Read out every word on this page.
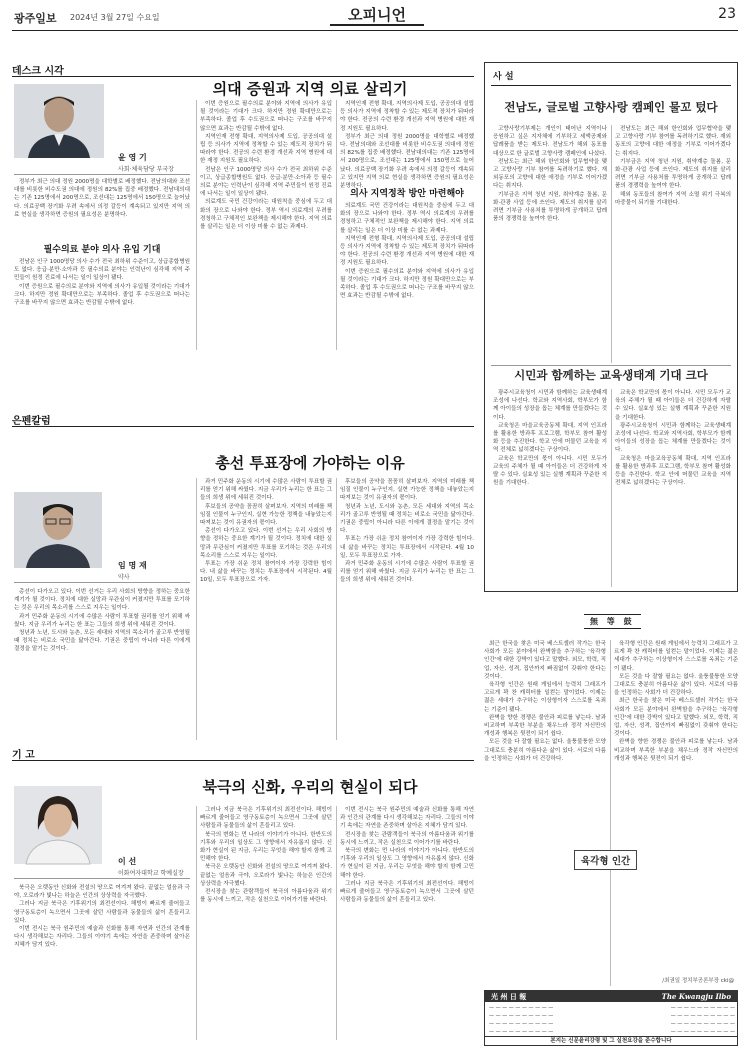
광주일보 2024년 3월 27일 수요일	오피니언	23
데스크 시각
의대 증원과 지역 의료 살리기
윤 영 기
사회·체육담당 부국장

정부가 최근 의대 정원 2000명을 대학별로 배정했다. 전남의대와 조선대를 비롯한 비수도권 의대에 정원의 82%를 집중 배정했다. 전남대의대는 기존 125명에서 200명으로, 조선대는 125명에서 150명으로 늘어났다. 의료공백 장기화 우려 속에서 의정 갈등이 계속되고 있지만 지역 의료 현실을 생각하면 증원의 필요성은 분명하다.

필수의료 분야 의사 유입 기대

전남은 인구 1000명당 의사 수가 전국 최하위 수준이고, 상급종합병원도 없다. 응급·분만·소아과 등 필수의료 분야는 인력난이 심각해 지역 주민들이 원정 진료에 나서는 일이 일상이 됐다.

이번 증원으로 필수의료 분야와 지역에 의사가 유입될 것이라는 기대가 크다. 하지만 정원 확대만으로는 부족하다. 졸업 후 수도권으로 떠나는 구조를 바꾸지 않으면 효과는 반감될 수밖에 없다.

이번 증원으로 필수의료 분야와 지역에 의사가 유입될 것이라는 기대가 크다. 하지만 정원 확대만으로는 부족하다. 졸업 후 수도권으로 떠나는 구조를 바꾸지 않으면 효과는 반감될 수밖에 없다.

지역인재 전형 확대, 지역의사제 도입, 공공의대 설립 등 의사가 지역에 정착할 수 있는 제도적 장치가 뒤따라야 한다. 전공의 수련 환경 개선과 지역 병원에 대한 재정 지원도 필요하다.

전남은 인구 1000명당 의사 수가 전국 최하위 수준이고, 상급종합병원도 없다. 응급·분만·소아과 등 필수의료 분야는 인력난이 심각해 지역 주민들이 원정 진료에 나서는 일이 일상이 됐다.

의료계도 국민 건강이라는 대원칙을 중심에 두고 대화의 장으로 나와야 한다. 정부 역시 의료계의 우려를 경청하고 구체적인 보완책을 제시해야 한다. 지역 의료를 살리는 일은 더 이상 미룰 수 없는 과제다.

지역인재 전형 확대, 지역의사제 도입, 공공의대 설립 등 의사가 지역에 정착할 수 있는 제도적 장치가 뒤따라야 한다. 전공의 수련 환경 개선과 지역 병원에 대한 재정 지원도 필요하다.

정부가 최근 의대 정원 2000명을 대학별로 배정했다. 전남의대와 조선대를 비롯한 비수도권 의대에 정원의 82%를 집중 배정했다. 전남대의대는 기존 125명에서 200명으로, 조선대는 125명에서 150명으로 늘어났다. 의료공백 장기화 우려 속에서 의정 갈등이 계속되고 있지만 지역 의료 현실을 생각하면 증원의 필요성은 분명하다.

의사 지역정착 방안 마련해야

의료계도 국민 건강이라는 대원칙을 중심에 두고 대화의 장으로 나와야 한다. 정부 역시 의료계의 우려를 경청하고 구체적인 보완책을 제시해야 한다. 지역 의료를 살리는 일은 더 이상 미룰 수 없는 과제다.

지역인재 전형 확대, 지역의사제 도입, 공공의대 설립 등 의사가 지역에 정착할 수 있는 제도적 장치가 뒤따라야 한다. 전공의 수련 환경 개선과 지역 병원에 대한 재정 지원도 필요하다.

이번 증원으로 필수의료 분야와 지역에 의사가 유입될 것이라는 기대가 크다. 하지만 정원 확대만으로는 부족하다. 졸업 후 수도권으로 떠나는 구조를 바꾸지 않으면 효과는 반감될 수밖에 없다.

사 설
전남도, 글로벌 고향사랑 캠페인 물꼬 텄다

고향사랑기부제는 개인이 태어난 지역이나 응원하고 싶은 지자체에 기부하고 세액공제와 답례품을 받는 제도다. 전남도가 해외 동포를 대상으로 한 글로벌 고향사랑 캠페인에 나섰다.

전남도는 최근 해외 한인회와 업무협약을 맺고 고향사랑 기부 참여를 독려하기로 했다. 재외동포의 고향에 대한 애정을 기부로 이어가겠다는 취지다.

기부금은 지역 청년 지원, 취약계층 돌봄, 문화·관광 사업 등에 쓰인다. 제도의 취지를 살리려면 기부금 사용처를 투명하게 공개하고 답례품의 경쟁력을 높여야 한다.

전남도는 최근 해외 한인회와 업무협약을 맺고 고향사랑 기부 참여를 독려하기로 했다. 재외동포의 고향에 대한 애정을 기부로 이어가겠다는 취지다.

기부금은 지역 청년 지원, 취약계층 돌봄, 문화·관광 사업 등에 쓰인다. 제도의 취지를 살리려면 기부금 사용처를 투명하게 공개하고 답례품의 경쟁력을 높여야 한다.

해외 동포들의 참여가 지역 소멸 위기 극복의 마중물이 되기를 기대한다.

시민과 함께하는 교육생태계 기대 크다

광주시교육청이 시민과 함께하는 교육생태계 조성에 나선다. 학교와 지역사회, 학부모가 함께 아이들의 성장을 돕는 체계를 만들겠다는 것이다.

교육청은 마을교육공동체 확대, 지역 인프라를 활용한 방과후 프로그램, 학부모 참여 활성화 등을 추진한다. 학교 안에 머물던 교육을 지역 전체로 넓히겠다는 구상이다.

교육은 학교만의 몫이 아니다. 시민 모두가 교육의 주체가 될 때 아이들은 더 건강하게 자랄 수 있다. 실효성 있는 실행 계획과 꾸준한 지원을 기대한다.

교육은 학교만의 몫이 아니다. 시민 모두가 교육의 주체가 될 때 아이들은 더 건강하게 자랄 수 있다. 실효성 있는 실행 계획과 꾸준한 지원을 기대한다.

광주시교육청이 시민과 함께하는 교육생태계 조성에 나선다. 학교와 지역사회, 학부모가 함께 아이들의 성장을 돕는 체계를 만들겠다는 것이다.

교육청은 마을교육공동체 확대, 지역 인프라를 활용한 방과후 프로그램, 학부모 참여 활성화 등을 추진한다. 학교 안에 머물던 교육을 지역 전체로 넓히겠다는 구상이다.

은펜칼럼
총선 투표장에 가야하는 이유
임 명 재
약사

총선이 다가오고 있다. 이번 선거는 우리 사회의 방향을 정하는 중요한 계기가 될 것이다. 정치에 대한 실망과 무관심이 커졌지만 투표를 포기하는 것은 우리의 목소리를 스스로 지우는 일이다.

과거 민주화 운동의 시기에 수많은 사람이 투표할 권리를 얻기 위해 싸웠다. 지금 우리가 누리는 한 표는 그들의 희생 위에 세워진 것이다.

청년과 노년, 도시와 농촌, 모든 세대와 지역의 목소리가 골고루 반영될 때 정치는 비로소 국민을 닮아간다. 기권은 중립이 아니라 다른 이에게 결정을 맡기는 것이다.

과거 민주화 운동의 시기에 수많은 사람이 투표할 권리를 얻기 위해 싸웠다. 지금 우리가 누리는 한 표는 그들의 희생 위에 세워진 것이다.

후보들의 공약을 꼼꼼히 살펴보자. 지역의 미래를 책임질 인물이 누구인지, 실현 가능한 정책을 내놓았는지 따져보는 것이 유권자의 몫이다.

총선이 다가오고 있다. 이번 선거는 우리 사회의 방향을 정하는 중요한 계기가 될 것이다. 정치에 대한 실망과 무관심이 커졌지만 투표를 포기하는 것은 우리의 목소리를 스스로 지우는 일이다.

투표는 가장 쉬운 정치 참여이자 가장 강력한 힘이다. 내 삶을 바꾸는 정치는 투표장에서 시작된다. 4월 10일, 모두 투표장으로 가자.

후보들의 공약을 꼼꼼히 살펴보자. 지역의 미래를 책임질 인물이 누구인지, 실현 가능한 정책을 내놓았는지 따져보는 것이 유권자의 몫이다.

청년과 노년, 도시와 농촌, 모든 세대와 지역의 목소리가 골고루 반영될 때 정치는 비로소 국민을 닮아간다. 기권은 중립이 아니라 다른 이에게 결정을 맡기는 것이다.

투표는 가장 쉬운 정치 참여이자 가장 강력한 힘이다. 내 삶을 바꾸는 정치는 투표장에서 시작된다. 4월 10일, 모두 투표장으로 가자.

과거 민주화 운동의 시기에 수많은 사람이 투표할 권리를 얻기 위해 싸웠다. 지금 우리가 누리는 한 표는 그들의 희생 위에 세워진 것이다.

기 고
북극의 신화, 우리의 현실이 되다
이 선
이화여자대학교 학예실장

북극은 오랫동안 신화와 전설의 땅으로 여겨져 왔다. 끝없는 얼음과 극야, 오로라가 빛나는 하늘은 인간의 상상력을 자극했다.

그러나 지금 북극은 기후위기의 최전선이다. 해빙이 빠르게 줄어들고 영구동토층이 녹으면서 그곳에 살던 사람들과 동물들의 삶이 흔들리고 있다.

이번 전시는 북극 원주민의 예술과 신화를 통해 자연과 인간의 관계를 다시 생각해보는 자리다. 그들의 이야기 속에는 자연을 존중하며 살아온 지혜가 담겨 있다.

그러나 지금 북극은 기후위기의 최전선이다. 해빙이 빠르게 줄어들고 영구동토층이 녹으면서 그곳에 살던 사람들과 동물들의 삶이 흔들리고 있다.

북극의 변화는 먼 나라의 이야기가 아니다. 한반도의 기후와 우리의 일상도 그 영향에서 자유롭지 않다. 신화가 현실이 된 지금, 우리는 무엇을 해야 할지 함께 고민해야 한다.

북극은 오랫동안 신화와 전설의 땅으로 여겨져 왔다. 끝없는 얼음과 극야, 오로라가 빛나는 하늘은 인간의 상상력을 자극했다.

전시장을 찾는 관람객들이 북극의 아름다움과 위기를 동시에 느끼고, 작은 실천으로 이어가기를 바란다.

이번 전시는 북극 원주민의 예술과 신화를 통해 자연과 인간의 관계를 다시 생각해보는 자리다. 그들의 이야기 속에는 자연을 존중하며 살아온 지혜가 담겨 있다.

전시장을 찾는 관람객들이 북극의 아름다움과 위기를 동시에 느끼고, 작은 실천으로 이어가기를 바란다.

북극의 변화는 먼 나라의 이야기가 아니다. 한반도의 기후와 우리의 일상도 그 영향에서 자유롭지 않다. 신화가 현실이 된 지금, 우리는 무엇을 해야 할지 함께 고민해야 한다.

그러나 지금 북극은 기후위기의 최전선이다. 해빙이 빠르게 줄어들고 영구동토층이 녹으면서 그곳에 살던 사람들과 동물들의 삶이 흔들리고 있다.

無 等 鼓

최근 한국을 찾은 미국 베스트셀러 작가는 한국 사회가 모든 분야에서 완벽함을 추구하는 '육각형 인간'에 대한 강박이 있다고 말했다. 외모, 학력, 직업, 자산, 성격, 집안까지 빠짐없이 갖춰야 한다는 것이다.

육각형 인간은 원래 게임에서 능력치 그래프가 고르게 꽉 찬 캐릭터를 일컫는 말이었다. 이제는 젊은 세대가 추구하는 이상형이자 스스로를 옥죄는 기준이 됐다.

완벽을 향한 경쟁은 불안과 피로를 낳는다. 남과 비교하며 부족한 부분을 채우느라 정작 자신만의 개성과 행복은 뒷전이 되기 쉽다.

모든 것을 다 잘할 필요는 없다. 울퉁불퉁한 모양 그대로도 충분히 아름다운 삶이 있다. 서로의 다름을 인정하는 사회가 더 건강하다.

육각형 인간은 원래 게임에서 능력치 그래프가 고르게 꽉 찬 캐릭터를 일컫는 말이었다. 이제는 젊은 세대가 추구하는 이상형이자 스스로를 옥죄는 기준이 됐다.

모든 것을 다 잘할 필요는 없다. 울퉁불퉁한 모양 그대로도 충분히 아름다운 삶이 있다. 서로의 다름을 인정하는 사회가 더 건강하다.

최근 한국을 찾은 미국 베스트셀러 작가는 한국 사회가 모든 분야에서 완벽함을 추구하는 '육각형 인간'에 대한 강박이 있다고 말했다. 외모, 학력, 직업, 자산, 성격, 집안까지 빠짐없이 갖춰야 한다는 것이다.

완벽을 향한 경쟁은 불안과 피로를 낳는다. 남과 비교하며 부족한 부분을 채우느라 정작 자신만의 개성과 행복은 뒷전이 되기 쉽다.

/최권일 정치부공론부장 cki@
육각형 인간
光 州 日 報	The Kwangju Ilbo
— — — — — — — — — —	— — — — — — — — — —
— — — — — — — — — —	— — — — — — — — — —
— — — — — — — — — —	— — — — — — — — — —
— — — — — — — — — —	— — — — — — — — — —
본지는 신문윤리강령 및 그 실천요강을 준수합니다
